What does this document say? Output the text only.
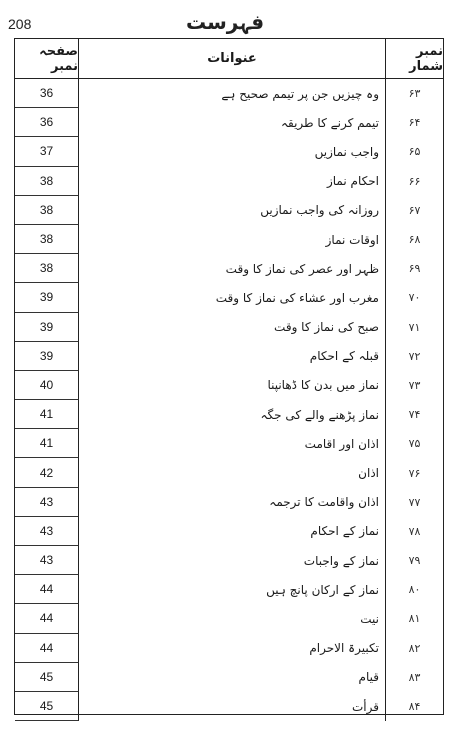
208	فہرست
صفحہ نمبر	عنوانات	نمبر شمار
36	وہ چیزیں جن پر تیمم صحیح ہے	۶۳
36	تیمم کرنے کا طریقہ	۶۴
37	واجب نمازیں	۶۵
38	احکام نماز	۶۶
38	روزانہ کی واجب نمازیں	۶۷
38	اوقات نماز	۶۸
38	ظہر اور عصر کی نماز کا وقت	۶۹
39	مغرب اور عشاء کی نماز کا وقت	۷۰
39	صبح کی نماز کا وقت	۷۱
39	قبلہ کے احکام	۷۲
40	نماز میں بدن کا ڈھانپنا	۷۳
41	نماز پڑھنے والے کی جگہ	۷۴
41	اذان اور اقامت	۷۵
42	اذان	۷۶
43	اذان واقامت کا ترجمہ	۷۷
43	نماز کے احکام	۷۸
43	نماز کے واجبات	۷۹
44	نماز کے ارکان پانچ ہیں	۸۰
44	نیت	۸۱
44	تکبیرۃ الاحرام	۸۲
45	قیام	۸۳
45	قرأت	۸۴
